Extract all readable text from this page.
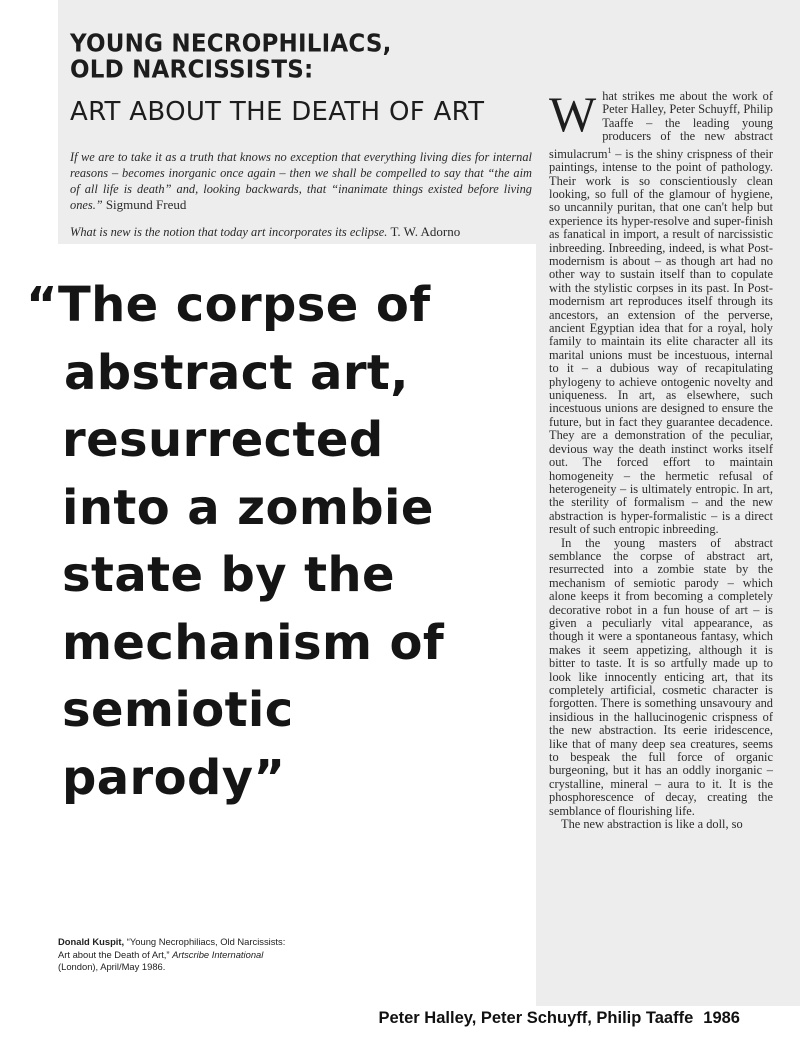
YOUNG NECROPHILIACS,
OLD NARCISSISTS:
ART ABOUT THE DEATH OF ART

If we are to take it as a truth that knows no exception that everything living dies for internal reasons – becomes inorganic once again – then we shall be compelled to say that “the aim of all life is death” and, looking backwards, that “inanimate things existed before living ones.” Sigmund Freud

What is new is the notion that today art incorporates its eclipse. T. W. Adorno

What strikes me about the work of Peter Halley, Peter Schuyff, Philip Taaffe – the leading young producers of the new abstract simulacrum$^1$ – is the shiny crispness of their paintings, intense to the point of pathology. Their work is so conscientiously clean looking, so full of the glamour of hygiene, so uncannily puritan, that one can't help but experience its hyper-resolve and super-finish as fanatical in import, a result of narcissistic inbreeding. Inbreeding, indeed, is what Post-modernism is about – as though art had no other way to sustain itself than to copulate with the stylistic corpses in its past. In Post-modernism art reproduces itself through its ancestors, an extension of the perverse, ancient Egyptian idea that for a royal, holy family to maintain its elite character all its marital unions must be incestuous, internal to it – a dubious way of recapitulating phylogeny to achieve ontogenic novelty and uniqueness. In art, as elsewhere, such incestuous unions are designed to ensure the future, but in fact they guarantee decadence. They are a demonstration of the peculiar, devious way the death instinct works itself out. The forced effort to maintain homogeneity – the hermetic refusal of heterogeneity – is ultimately entropic. In art, the sterility of formalism – and the new abstraction is hyper-formalistic – is a direct result of such entropic inbreeding.

In the young masters of abstract semblance the corpse of abstract art, resurrected into a zombie state by the mechanism of semiotic parody – which alone keeps it from becoming a completely decorative robot in a fun house of art – is given a peculiarly vital appearance, as though it were a spontaneous fantasy, which makes it seem appetizing, although it is bitter to taste. It is so artfully made up to look like innocently enticing art, that its completely artificial, cosmetic character is forgotten. There is something unsavoury and insidious in the hallucinogenic crispness of the new abstraction. Its eerie iridescence, like that of many deep sea creatures, seems to bespeak the full force of organic burgeoning, but it has an oddly inorganic – crystalline, mineral – aura to it. It is the phosphorescence of decay, creating the semblance of flourishing life.

The new abstraction is like a doll, so

“The corpse of
abstract art,
resurrected
into a zombie
state by the
mechanism of
semiotic
parody”

Donald Kuspit, “Young Necrophiliacs, Old Narcissists: Art about the Death of Art,” Artscribe International (London), April/May 1986.

Peter Halley, Peter Schuyff, Philip Taaffe 1986
